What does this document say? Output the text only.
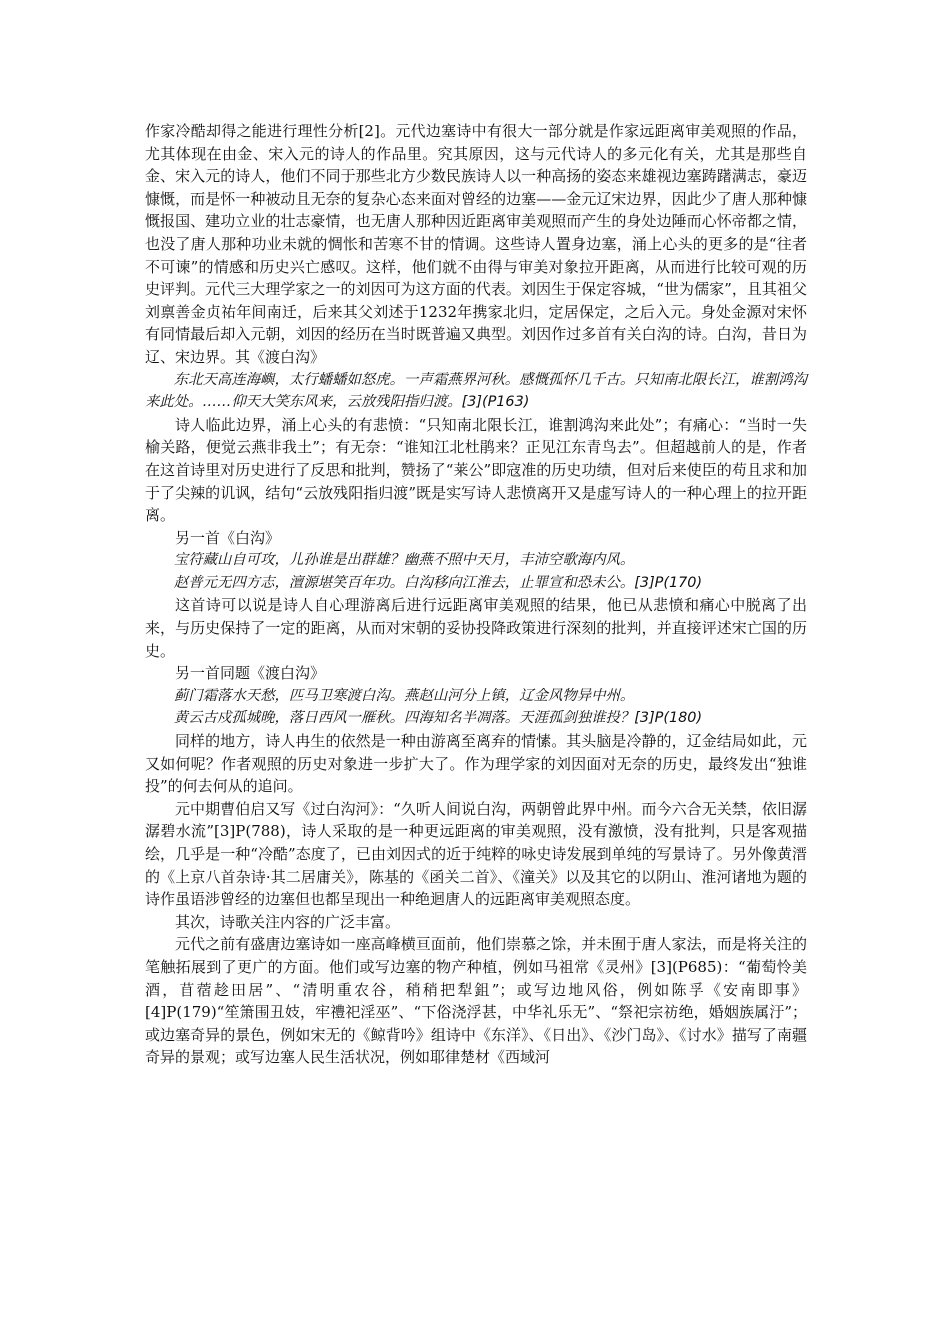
作家冷酷却得之能进行理性分析[2]。元代边塞诗中有很大一部分就是作家远距离审美观照的作品，尤其体现在由金、宋入元的诗人的作品里。究其原因，这与元代诗人的多元化有关，尤其是那些自金、宋入元的诗人，他们不同于那些北方少数民族诗人以一种高扬的姿态来雄视边塞踌躇满志，豪迈慷慨，而是怀一种被动且无奈的复杂心态来面对曾经的边塞——金元辽宋边界，因此少了唐人那种慷慨报国、建功立业的壮志豪情，也无唐人那种因近距离审美观照而产生的身处边陲而心怀帝都之情，也没了唐人那种功业未就的惆怅和苦寒不甘的情调。这些诗人置身边塞，涌上心头的更多的是“往者不可谏”的情感和历史兴亡感叹。这样，他们就不由得与审美对象拉开距离，从而进行比较可观的历史评判。元代三大理学家之一的刘因可为这方面的代表。刘因生于保定容城，“世为儒家”，且其祖父刘禀善金贞祐年间南迁，后来其父刘述于1232年携家北归，定居保定，之后入元。身处金源对宋怀有同情最后却入元朝，刘因的经历在当时既普遍又典型。刘因作过多首有关白沟的诗。白沟，昔日为辽、宋边界。其《渡白沟》

东北天高连海嶼，太行蟠蟠如怒虎。一声霜燕界河秋。感慨孤怀几千古。只知南北限长江，谁割鸿沟来此处。……仰天大笑东风来，云放残阳指归渡。[3](P163)

诗人临此边界，涌上心头的有悲愤：“只知南北限长江，谁割鸿沟来此处”；有痛心：“当时一失榆关路，便觉云燕非我土”；有无奈：“谁知江北杜鹃来？正见江东青鸟去”。但超越前人的是，作者在这首诗里对历史进行了反思和批判，赞扬了“莱公”即寇准的历史功绩，但对后来使臣的苟且求和加于了尖辣的讥讽，结句“云放残阳指归渡”既是实写诗人悲愤离开又是虚写诗人的一种心理上的拉开距离。

另一首《白沟》

宝符藏山自可攻，儿孙谁是出群雄？幽燕不照中天月，丰沛空歌海内风。

赵普元无四方志，澶源堪笑百年功。白沟移向江淮去，止罪宣和恐未公。[3]P(170)

这首诗可以说是诗人自心理游离后进行远距离审美观照的结果，他已从悲愤和痛心中脱离了出来，与历史保持了一定的距离，从而对宋朝的妥协投降政策进行深刻的批判，并直接评述宋亡国的历史。

另一首同题《渡白沟》

蓟门霜落水天愁，匹马卫寒渡白沟。燕赵山河分上镇，辽金风物异中州。

黄云古戍孤城晚，落日西风一雁秋。四海知名半凋落。天涯孤剑独谁投？[3]P(180)

同样的地方，诗人冉生的依然是一种由游离至离弃的情愫。其头脑是冷静的，辽金结局如此，元又如何呢？作者观照的历史对象进一步扩大了。作为理学家的刘因面对无奈的历史，最终发出“独谁投”的何去何从的追问。

元中期曹伯启又写《过白沟河》：“久听人间说白沟，两朝曾此界中州。而今六合无关禁，依旧潺潺碧水流”[3]P(788)，诗人采取的是一种更远距离的审美观照，没有激愤，没有批判，只是客观描绘，几乎是一种“冷酷”态度了，已由刘因式的近于纯粹的咏史诗发展到单纯的写景诗了。另外像黄溍的《上京八首杂诗·其二居庸关》，陈基的《函关二首》、《潼关》以及其它的以阴山、淮河诸地为题的诗作虽语涉曾经的边塞但也都呈现出一种绝迴唐人的远距离审美观照态度。

其次，诗歌关注内容的广泛丰富。

元代之前有盛唐边塞诗如一座高峰横亘面前，他们崇慕之馀，并未囿于唐人家法，而是将关注的笔触拓展到了更广的方面。他们或写边塞的物产种植，例如马祖常《灵州》[3](P685)：“葡萄怜美酒，苜蓿趁田居”、“清明重农谷，稍稍把犁鉏”；或写边地风俗，例如陈孚《安南即事》[4]P(179)“笙箫围丑妓，牢禮祀淫巫”、“下俗浇浮甚，中华礼乐无”、“祭祀宗祊绝，婚姻族属汙”；或边塞奇异的景色，例如宋无的《鲸背吟》组诗中《东洋》、《日出》、《沙门岛》、《讨水》描写了南疆奇异的景观；或写边塞人民生活状况，例如耶律楚材《西域河
